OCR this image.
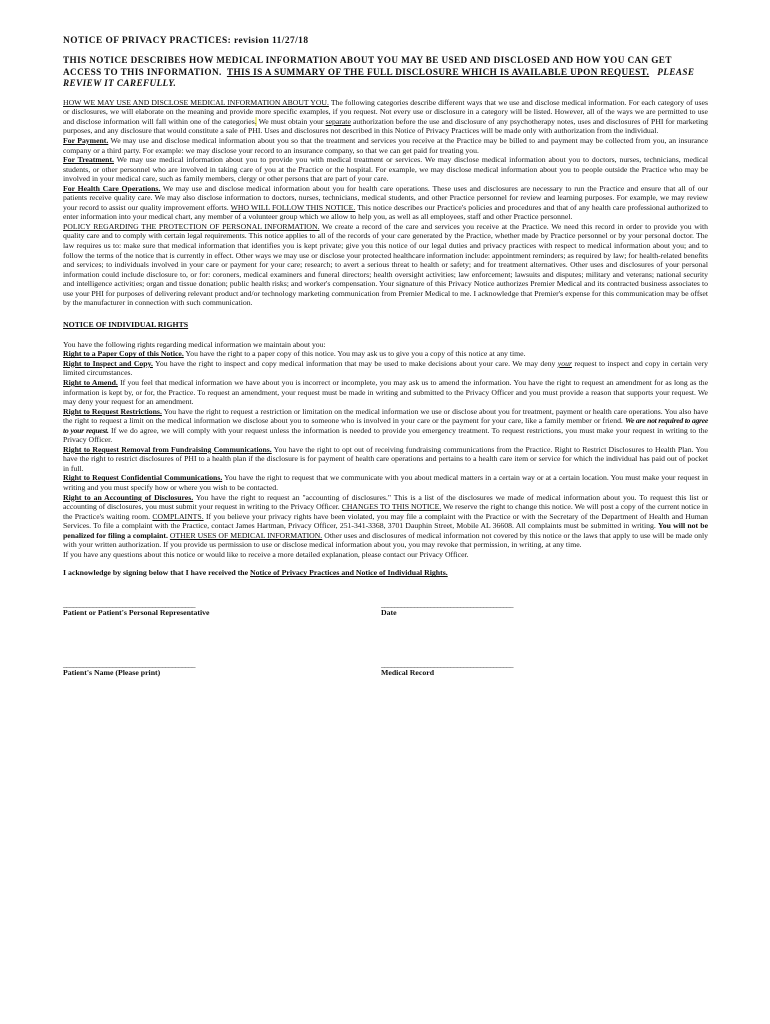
NOTICE OF PRIVACY PRACTICES: revision 11/27/18
THIS NOTICE DESCRIBES HOW MEDICAL INFORMATION ABOUT YOU MAY BE USED AND DISCLOSED AND HOW YOU CAN GET ACCESS TO THIS INFORMATION. THIS IS A SUMMARY OF THE FULL DISCLOSURE WHICH IS AVAILABLE UPON REQUEST. PLEASE REVIEW IT CAREFULLY.

HOW WE MAY USE AND DISCLOSE MEDICAL INFORMATION ABOUT YOU. The following categories describe different ways that we use and disclose medical information. For each category of uses or disclosures, we will elaborate on the meaning and provide more specific examples, if you request. Not every use or disclosure in a category will be listed. However, all of the ways we are permitted to use and disclose information will fall within one of the categories. We must obtain your separate authorization before the use and disclosure of any psychotherapy notes, uses and disclosures of PHI for marketing purposes, and any disclosure that would constitute a sale of PHI. Uses and disclosures not described in this Notice of Privacy Practices will be made only with authorization from the individual.

For Payment. We may use and disclose medical information about you so that the treatment and services you receive at the Practice may be billed to and payment may be collected from you, an insurance company or a third party. For example: we may disclose your record to an insurance company, so that we can get paid for treating you.

For Treatment. We may use medical information about you to provide you with medical treatment or services. We may disclose medical information about you to doctors, nurses, technicians, medical students, or other personnel who are involved in taking care of you at the Practice or the hospital. For example, we may disclose medical information about you to people outside the Practice who may be involved in your medical care, such as family members, clergy or other persons that are part of your care.

For Health Care Operations. We may use and disclose medical information about you for health care operations. These uses and disclosures are necessary to run the Practice and ensure that all of our patients receive quality care. We may also disclose information to doctors, nurses, technicians, medical students, and other Practice personnel for review and learning purposes. For example, we may review your record to assist our quality improvement efforts. WHO WILL FOLLOW THIS NOTICE. This notice describes our Practice's policies and procedures and that of any health care professional authorized to enter information into your medical chart, any member of a volunteer group which we allow to help you, as well as all employees, staff and other Practice personnel.

POLICY REGARDING THE PROTECTION OF PERSONAL INFORMATION. We create a record of the care and services you receive at the Practice. We need this record in order to provide you with quality care and to comply with certain legal requirements. This notice applies to all of the records of your care generated by the Practice, whether made by Practice personnel or by your personal doctor. The law requires us to: make sure that medical information that identifies you is kept private; give you this notice of our legal duties and privacy practices with respect to medical information about you; and to follow the terms of the notice that is currently in effect. Other ways we may use or disclose your protected healthcare information include: appointment reminders; as required by law; for health-related benefits and services; to individuals involved in your care or payment for your care; research; to avert a serious threat to health or safety; and for treatment alternatives. Other uses and disclosures of your personal information could include disclosure to, or for: coroners, medical examiners and funeral directors; health oversight activities; law enforcement; lawsuits and disputes; military and veterans; national security and intelligence activities; organ and tissue donation; public health risks; and worker's compensation. Your signature of this Privacy Notice authorizes Premier Medical and its contracted business associates to use your PHI for purposes of delivering relevant product and/or technology marketing communication from Premier Medical to me. I acknowledge that Premier's expense for this communication may be offset by the manufacturer in connection with such communication.

NOTICE OF INDIVIDUAL RIGHTS

You have the following rights regarding medical information we maintain about you:

Right to a Paper Copy of this Notice. You have the right to a paper copy of this notice. You may ask us to give you a copy of this notice at any time.

Right to Inspect and Copy. You have the right to inspect and copy medical information that may be used to make decisions about your care. We may deny your request to inspect and copy in certain very limited circumstances.

Right to Amend. If you feel that medical information we have about you is incorrect or incomplete, you may ask us to amend the information. You have the right to request an amendment for as long as the information is kept by, or for, the Practice. To request an amendment, your request must be made in writing and submitted to the Privacy Officer and you must provide a reason that supports your request. We may deny your request for an amendment.

Right to Request Restrictions. You have the right to request a restriction or limitation on the medical information we use or disclose about you for treatment, payment or health care operations. You also have the right to request a limit on the medical information we disclose about you to someone who is involved in your care or the payment for your care, like a family member or friend. We are not required to agree to your request. If we do agree, we will comply with your request unless the information is needed to provide you emergency treatment. To request restrictions, you must make your request in writing to the Privacy Officer.

Right to Request Removal from Fundraising Communications. You have the right to opt out of receiving fundraising communications from the Practice. Right to Restrict Disclosures to Health Plan. You have the right to restrict disclosures of PHI to a health plan if the disclosure is for payment of health care operations and pertains to a health care item or service for which the individual has paid out of pocket in full.

Right to Request Confidential Communications. You have the right to request that we communicate with you about medical matters in a certain way or at a certain location. You must make your request in writing and you must specify how or where you wish to be contacted.

Right to an Accounting of Disclosures. You have the right to request an "accounting of disclosures." This is a list of the disclosures we made of medical information about you. To request this list or accounting of disclosures, you must submit your request in writing to the Privacy Officer. CHANGES TO THIS NOTICE. We reserve the right to change this notice. We will post a copy of the current notice in the Practice's waiting room. COMPLAINTS. If you believe your privacy rights have been violated, you may file a complaint with the Practice or with the Secretary of the Department of Health and Human Services. To file a complaint with the Practice, contact James Hartman, Privacy Officer, 251-341-3368, 3701 Dauphin Street, Mobile AL 36608. All complaints must be submitted in writing. You will not be penalized for filing a complaint. OTHER USES OF MEDICAL INFORMATION. Other uses and disclosures of medical information not covered by this notice or the laws that apply to use will be made only with your written authorization. If you provide us permission to use or disclose medical information about you, you may revoke that permission, in writing, at any time.

If you have any questions about this notice or would like to receive a more detailed explanation, please contact our Privacy Officer.

I acknowledge by signing below that I have received the Notice of Privacy Practices and Notice of Individual Rights.
________________________________________
Patient or Patient's Personal Representative
________________________________________
Date
________________________________________
Patient's Name (Please print)
________________________________________
Medical Record
